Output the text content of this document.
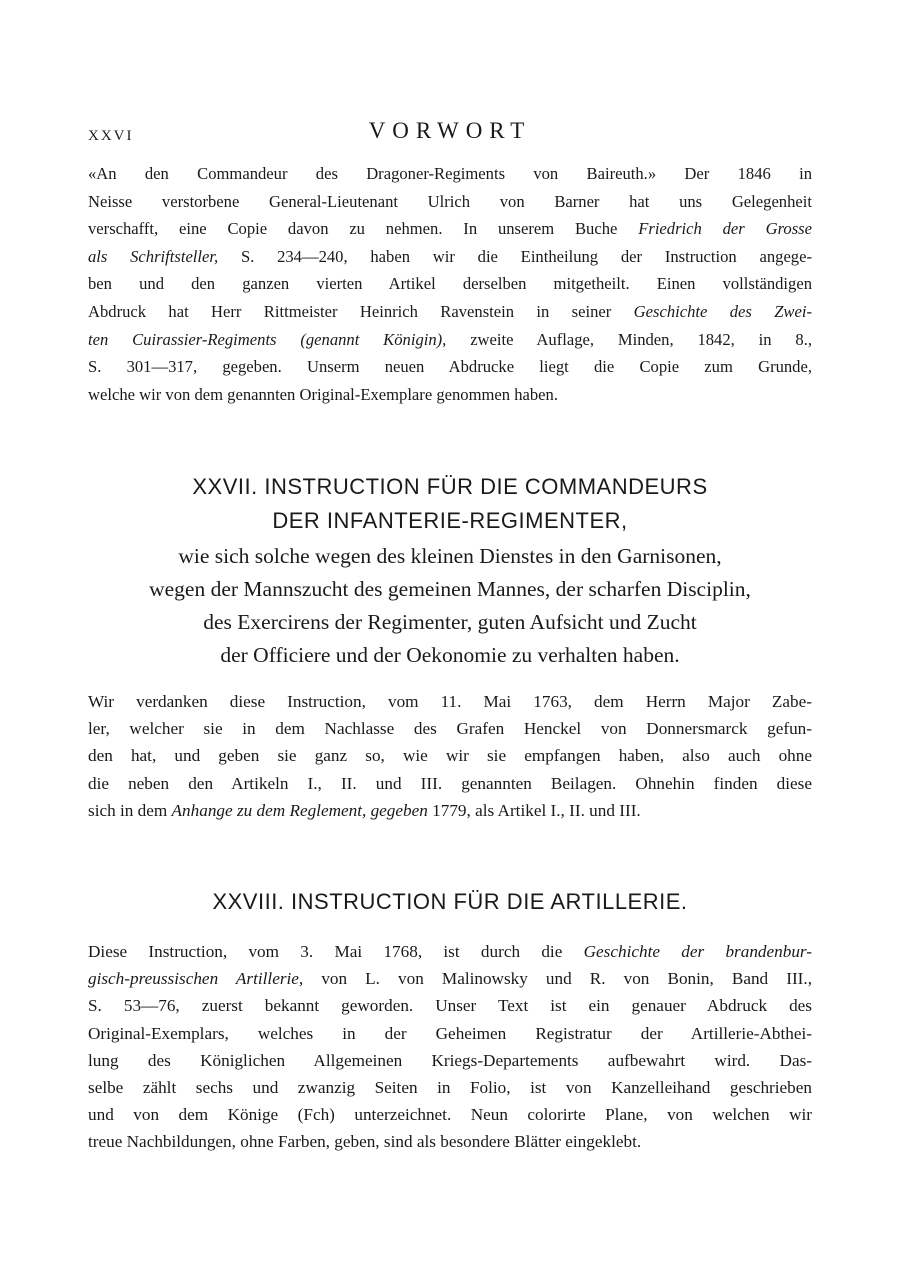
XXVI	VORWORT
«An den Commandeur des Dragoner-Regiments von Baireuth.» Der 1846 in
Neisse verstorbene General-Lieutenant Ulrich von Barner hat uns Gelegenheit
verschafft, eine Copie davon zu nehmen. In unserem Buche Friedrich der Grosse
als Schriftsteller, S. 234—240, haben wir die Eintheilung der Instruction angege-
ben und den ganzen vierten Artikel derselben mitgetheilt. Einen vollständigen
Abdruck hat Herr Rittmeister Heinrich Ravenstein in seiner Geschichte des Zwei-
ten Cuirassier-Regiments (genannt Königin), zweite Auflage, Minden, 1842, in 8.,
S. 301—317, gegeben. Unserm neuen Abdrucke liegt die Copie zum Grunde,
welche wir von dem genannten Original-Exemplare genommen haben.
XXVII. INSTRUCTION FÜR DIE COMMANDEURS
DER INFANTERIE-REGIMENTER,
wie sich solche wegen des kleinen Dienstes in den Garnisonen,
wegen der Mannszucht des gemeinen Mannes, der scharfen Disciplin,
des Exercirens der Regimenter, guten Aufsicht und Zucht
der Officiere und der Oekonomie zu verhalten haben.
Wir verdanken diese Instruction, vom 11. Mai 1763, dem Herrn Major Zabe-
ler, welcher sie in dem Nachlasse des Grafen Henckel von Donnersmarck gefun-
den hat, und geben sie ganz so, wie wir sie empfangen haben, also auch ohne
die neben den Artikeln I., II. und III. genannten Beilagen. Ohnehin finden diese
sich in dem Anhange zu dem Reglement, gegeben 1779, als Artikel I., II. und III.
XXVIII. INSTRUCTION FÜR DIE ARTILLERIE.
Diese Instruction, vom 3. Mai 1768, ist durch die Geschichte der brandenbur-
gisch-preussischen Artillerie, von L. von Malinowsky und R. von Bonin, Band III.,
S. 53—76, zuerst bekannt geworden. Unser Text ist ein genauer Abdruck des
Original-Exemplars, welches in der Geheimen Registratur der Artillerie-Abthei-
lung des Königlichen Allgemeinen Kriegs-Departements aufbewahrt wird. Das-
selbe zählt sechs und zwanzig Seiten in Folio, ist von Kanzelleihand geschrieben
und von dem Könige (Fch) unterzeichnet. Neun colorirte Plane, von welchen wir
treue Nachbildungen, ohne Farben, geben, sind als besondere Blätter eingeklebt.
